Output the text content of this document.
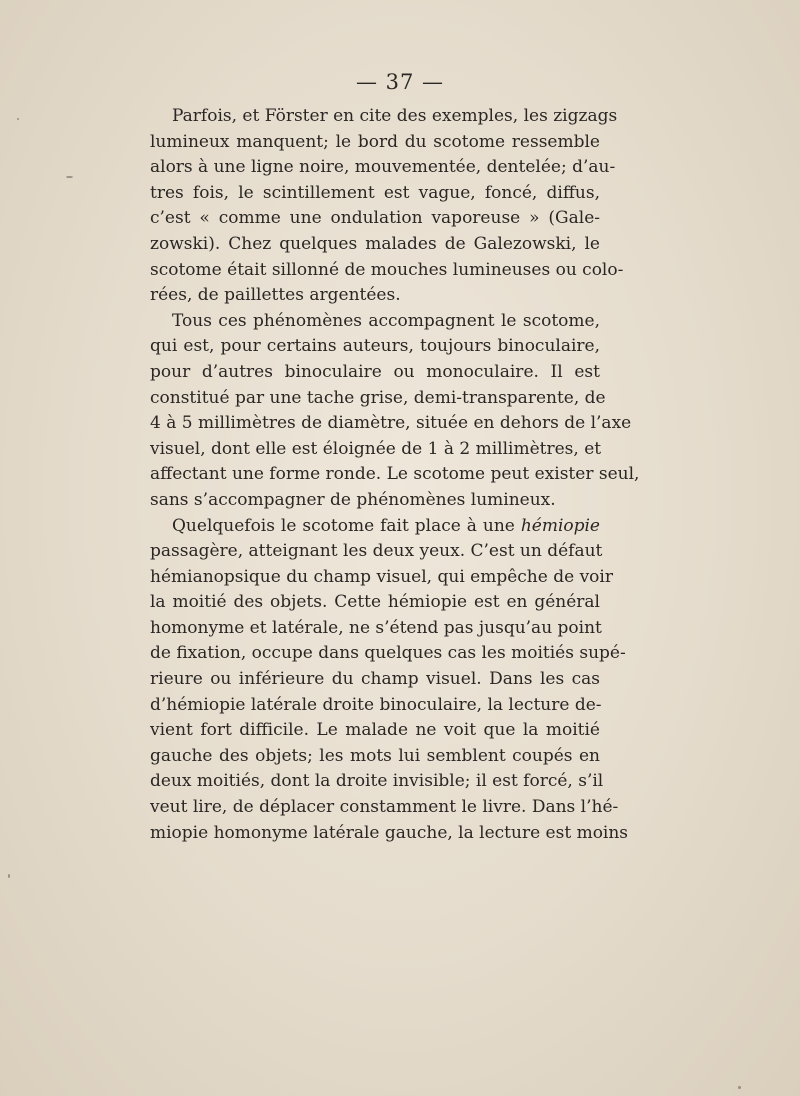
— 37 —
Parfois, et Förster en cite des exemples, les zigzags
lumineux manquent; le bord du scotome ressemble
alors à une ligne noire, mouvementée, dentelée; d’au-
tres fois, le scintillement est vague, foncé, diffus,
c’est « comme une ondulation vaporeuse » (Gale-
zowski). Chez quelques malades de Galezowski, le
scotome était sillonné de mouches lumineuses ou colo-
rées, de paillettes argentées.
Tous ces phénomènes accompagnent le scotome,
qui est, pour certains auteurs, toujours binoculaire,
pour d’autres binoculaire ou monoculaire. Il est
constitué par une tache grise, demi-transparente, de
4 à 5 millimètres de diamètre, située en dehors de l’axe
visuel, dont elle est éloignée de 1 à 2 millimètres, et
affectant une forme ronde. Le scotome peut exister seul,
sans s’accompagner de phénomènes lumineux.
Quelquefois le scotome fait place à une hémiopie
passagère, atteignant les deux yeux. C’est un défaut
hémianopsique du champ visuel, qui empêche de voir
la moitié des objets. Cette hémiopie est en général
homonyme et latérale, ne s’étend pas jusqu’au point
de fixation, occupe dans quelques cas les moitiés supé-
rieure ou inférieure du champ visuel. Dans les cas
d’hémiopie latérale droite binoculaire, la lecture de-
vient fort difficile. Le malade ne voit que la moitié
gauche des objets; les mots lui semblent coupés en
deux moitiés, dont la droite invisible; il est forcé, s’il
veut lire, de déplacer constamment le livre. Dans l’hé-
miopie homonyme latérale gauche, la lecture est moins
